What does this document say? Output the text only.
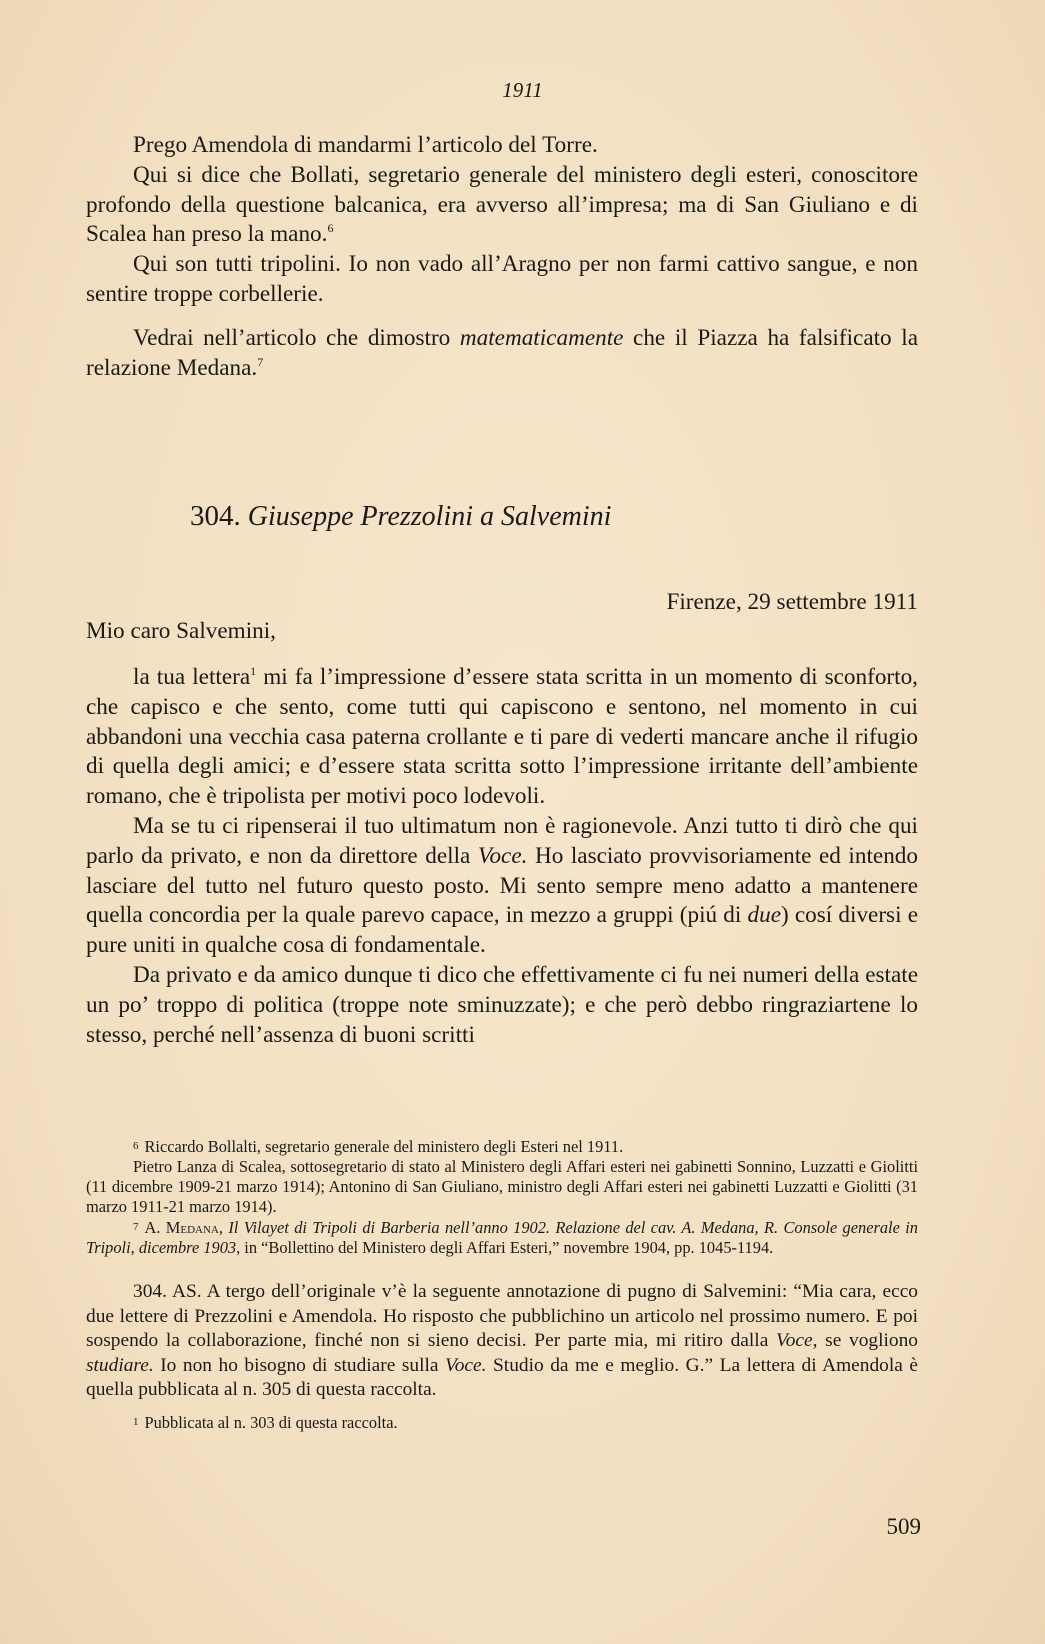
1911

Prego Amendola di mandarmi l’articolo del Torre.

Qui si dice che Bollati, segretario generale del ministero degli esteri, conoscitore profondo della questione balcanica, era avverso all’impresa; ma di San Giuliano e di Scalea han preso la mano.$^6$

Qui son tutti tripolini. Io non vado all’Aragno per non farmi cattivo sangue, e non sentire troppe corbellerie.

Vedrai nell’articolo che dimostro matematicamente che il Piazza ha falsificato la relazione Medana.$^7$

304. Giuseppe Prezzolini a Salvemini
Firenze, 29 settembre 1911
Mio caro Salvemini,

la tua lettera$^1$ mi fa l’impressione d’essere stata scritta in un momento di sconforto, che capisco e che sento, come tutti qui capiscono e sentono, nel momento in cui abbandoni una vecchia casa paterna crollante e ti pare di vederti mancare anche il rifugio di quella degli amici; e d’essere stata scritta sotto l’impressione irritante dell’ambiente romano, che è tripolista per motivi poco lodevoli.

Ma se tu ci ripenserai il tuo ultimatum non è ragionevole. Anzi tutto ti dirò che qui parlo da privato, e non da direttore della Voce. Ho lasciato provvisoriamente ed intendo lasciare del tutto nel futuro questo posto. Mi sento sempre meno adatto a mantenere quella concordia per la quale parevo capace, in mezzo a gruppi (piú di due) cosí diversi e pure uniti in qualche cosa di fondamentale.

Da privato e da amico dunque ti dico che effettivamente ci fu nei numeri della estate un po’ troppo di politica (troppe note sminuzzate); e che però debbo ringraziartene lo stesso, perché nell’assenza di buoni scritti

6 Riccardo Bollalti, segretario generale del ministero degli Esteri nel 1911.

Pietro Lanza di Scalea, sottosegretario di stato al Ministero degli Affari esteri nei gabinetti Sonnino, Luzzatti e Giolitti (11 dicembre 1909-21 marzo 1914); Antonino di San Giuliano, ministro degli Affari esteri nei gabinetti Luzzatti e Giolitti (31 marzo 1911-21 marzo 1914).

7 A. Medana, Il Vilayet di Tripoli di Barberia nell’anno 1902. Relazione del cav. A. Medana, R. Console generale in Tripoli, dicembre 1903, in “Bollettino del Ministero degli Affari Esteri,” novembre 1904, pp. 1045-1194.

304. AS. A tergo dell’originale v’è la seguente annotazione di pugno di Salvemini: “Mia cara, ecco due lettere di Prezzolini e Amendola. Ho risposto che pubblichino un articolo nel prossimo numero. E poi sospendo la collaborazione, finché non si sieno decisi. Per parte mia, mi ritiro dalla Voce, se vogliono studiare. Io non ho bisogno di studiare sulla Voce. Studio da me e meglio. G.” La lettera di Amendola è quella pubblicata al n. 305 di questa raccolta.

1 Pubblicata al n. 303 di questa raccolta.

509
